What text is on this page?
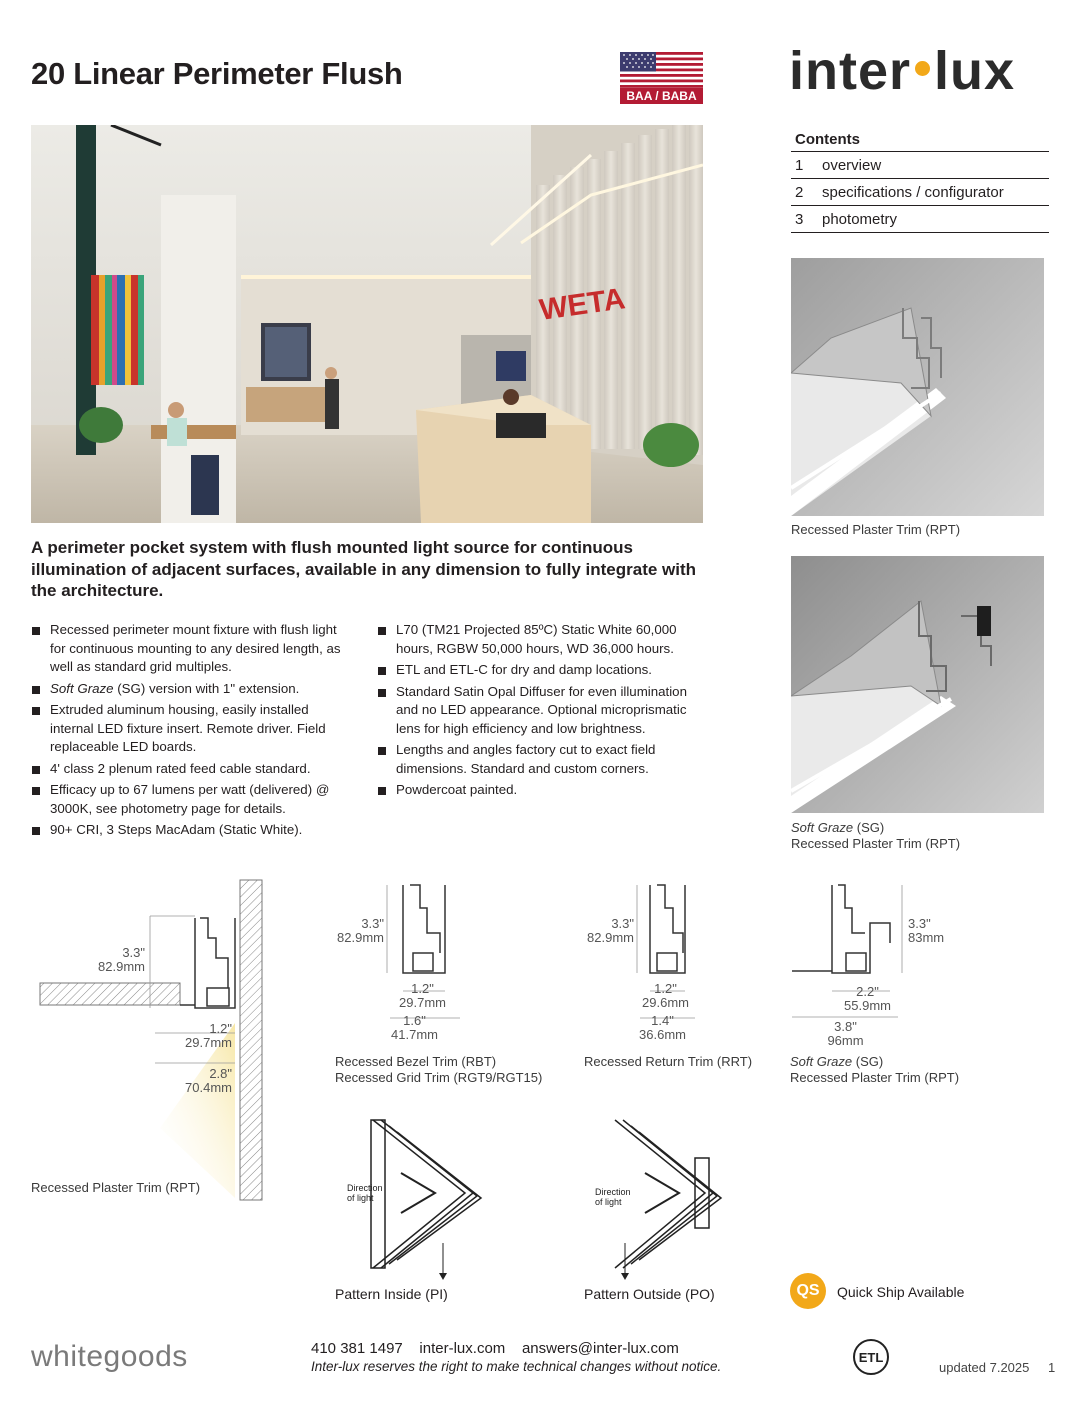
20 Linear Perimeter Flush
BAA / BABA inter lux
Contents
1	overview
2	specifications / configurator
3	photometry
WETA
Recessed Plaster Trim (RPT)
Soft Graze (SG)
Recessed Plaster Trim (RPT)
A perimeter pocket system with flush mounted light source for continuous illumination of adjacent surfaces, available in any dimension to fully integrate with the architecture.
Recessed perimeter mount fixture with flush light for continuous mounting to any desired length, as well as standard grid multiples.
Soft Graze (SG) version with 1" extension.
Extruded aluminum housing, easily installed internal LED fixture insert. Remote driver. Field replaceable LED boards.
4' class 2 plenum rated feed cable standard.
Efficacy up to 67 lumens per watt (delivered) @ 3000K, see photometry page for details.
90+ CRI, 3 Steps MacAdam (Static White).
L70 (TM21 Projected 85ºC) Static White 60,000 hours, RGBW 50,000 hours, WD 36,000 hours.
ETL and ETL-C for dry and damp locations.
Standard Satin Opal Diffuser for even illumination and no LED appearance. Optional microprismatic lens for high efficiency and low brightness.
Lengths and angles factory cut to exact field dimensions. Standard and custom corners.
Powdercoat painted.
3.3"
82.9mm
1.2"
29.7mm
2.8"
70.4mm
Recessed Plaster Trim (RPT)
3.3"
82.9mm
1.2"
29.7mm
1.6"
41.7mm
Recessed Bezel Trim (RBT)
Recessed Grid Trim (RGT9/RGT15)
3.3"
82.9mm
1.2"
29.6mm
1.4"
36.6mm
Recessed Return Trim (RRT)
3.3"
83mm
2.2"
55.9mm
3.8"
96mm
Soft Graze (SG)
Recessed Plaster Trim (RPT)
Direction
of light
Pattern Inside (PI)
Direction
of light
Pattern Outside (PO)	QS	Quick Ship Available
whitegoods	410 381 1497    inter-lux.com    answers@inter-lux.com
Inter-lux reserves the right to make technical changes without notice.
ETL
updated 7.2025 1
